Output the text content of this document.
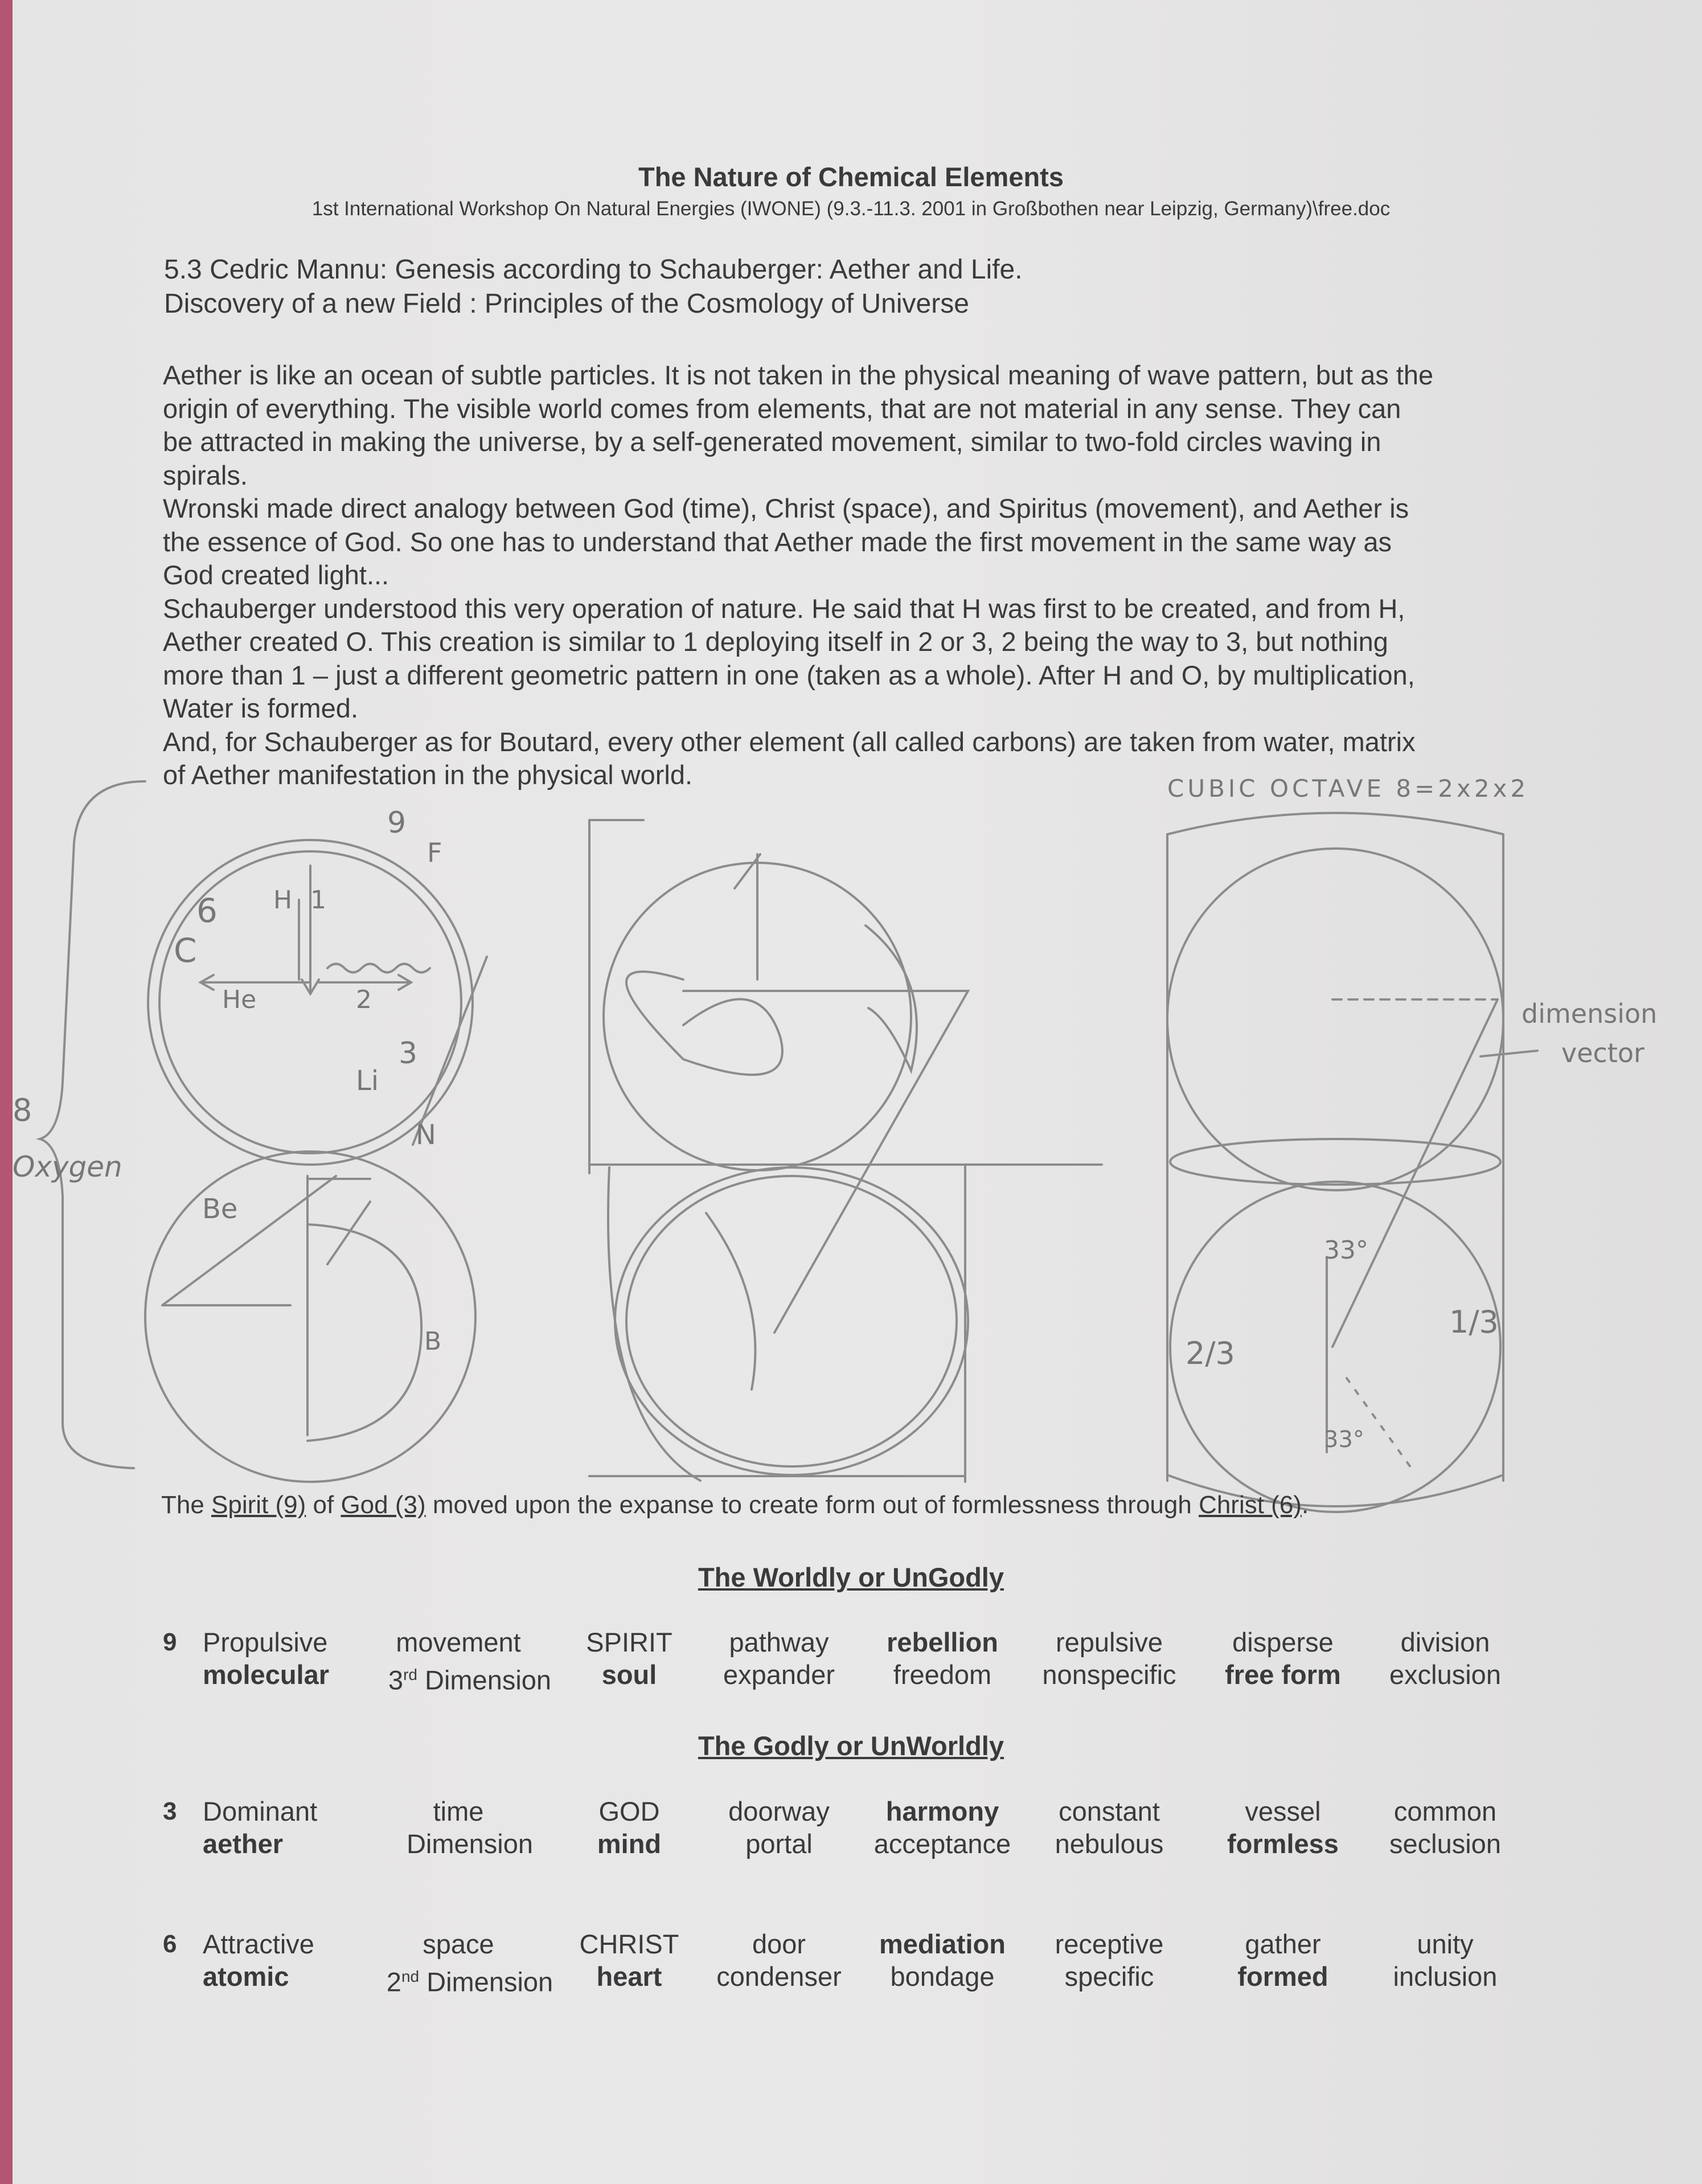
The Nature of Chemical Elements
1st International Workshop On Natural Energies (IWONE) (9.3.-11.3. 2001 in Großbothen near Leipzig, Germany)\free.doc
5.3 Cedric Mannu: Genesis according to Schauberger: Aether and Life.
Discovery of a new Field : Principles of the Cosmology of Universe

Aether is like an ocean of subtle particles. It is not taken in the physical meaning of wave pattern, but as the

origin of everything. The visible world comes from elements, that are not material in any sense. They can

be attracted in making the universe, by a self-generated movement, similar to two-fold circles waving in

spirals.

Wronski made direct analogy between God (time), Christ (space), and Spiritus (movement), and Aether is

the essence of God. So one has to understand that Aether made the first movement in the same way as

God created light...

Schauberger understood this very operation of nature. He said that H was first to be created, and from H,

Aether created O. This creation is similar to 1 deploying itself in 2 or 3, 2 being the way to 3, but nothing

more than 1 – just a different geometric pattern in one (taken as a whole). After H and O, by multiplication,

Water is formed.

And, for Schauberger as for Boutard, every other element (all called carbons) are taken from water, matrix

of Aether manifestation in the physical world.	CUBIC OCTAVE 8=2x2x2
dimension
vector
8
Oxygen
9
F
6 H 1
C
He	2
3
Li
N
Be
B
33°
33°
2/3
1/3
The Spirit (9) of God (3) moved upon the expanse to create form out of formlessness through Christ (6).
The Worldly or UnGodly
The Godly or UnWorldly
9 Propulsive
molecular
movement
3rd Dimension
SPIRIT
soul
pathway
expander
rebellion
freedom
repulsive
nonspecific
disperse
free form
division
exclusion
3 Dominant
aether
time
Dimension
GOD
mind
doorway
portal
harmony
acceptance
constant
nebulous
vessel
formless
common
seclusion
6 Attractive
atomic
space
2nd Dimension
CHRIST
heart
door
condenser
mediation
bondage
receptive
specific
gather
formed
unity
inclusion
